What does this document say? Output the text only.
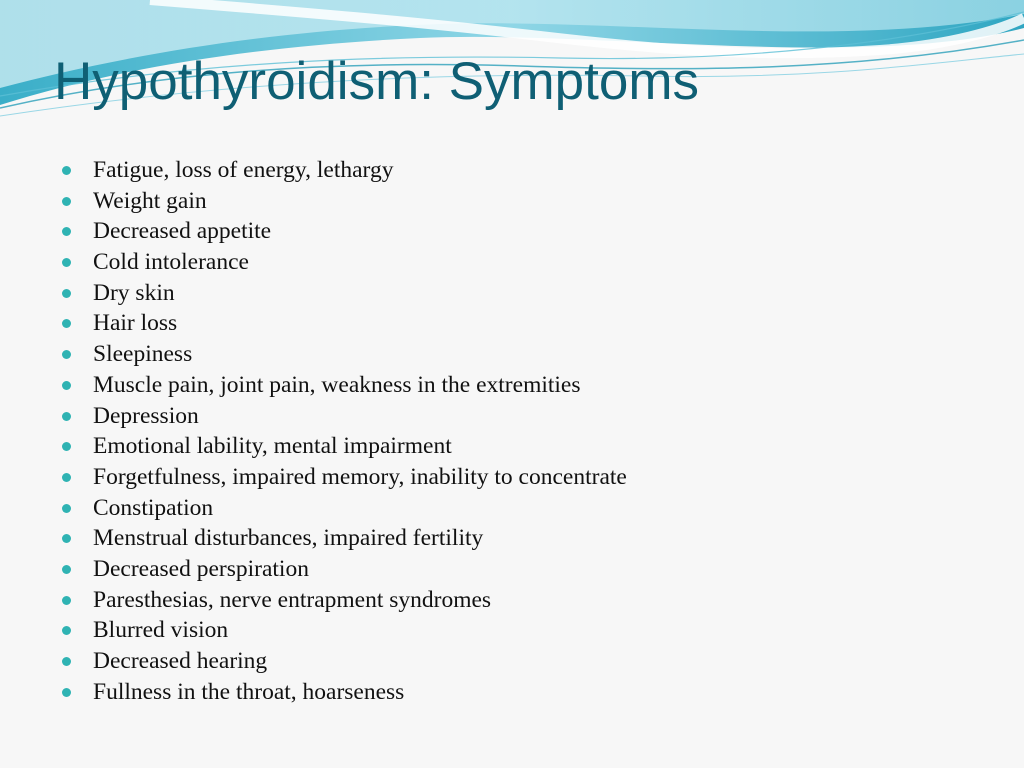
Hypothyroidism: Symptoms
Fatigue, loss of energy, lethargy
Weight gain
Decreased appetite
Cold intolerance
Dry skin
Hair loss
Sleepiness
Muscle pain, joint pain, weakness in the extremities
Depression
Emotional lability, mental impairment
Forgetfulness, impaired memory, inability to concentrate
Constipation
Menstrual disturbances, impaired fertility
Decreased perspiration
Paresthesias, nerve entrapment syndromes
Blurred vision
Decreased hearing
Fullness in the throat, hoarseness
